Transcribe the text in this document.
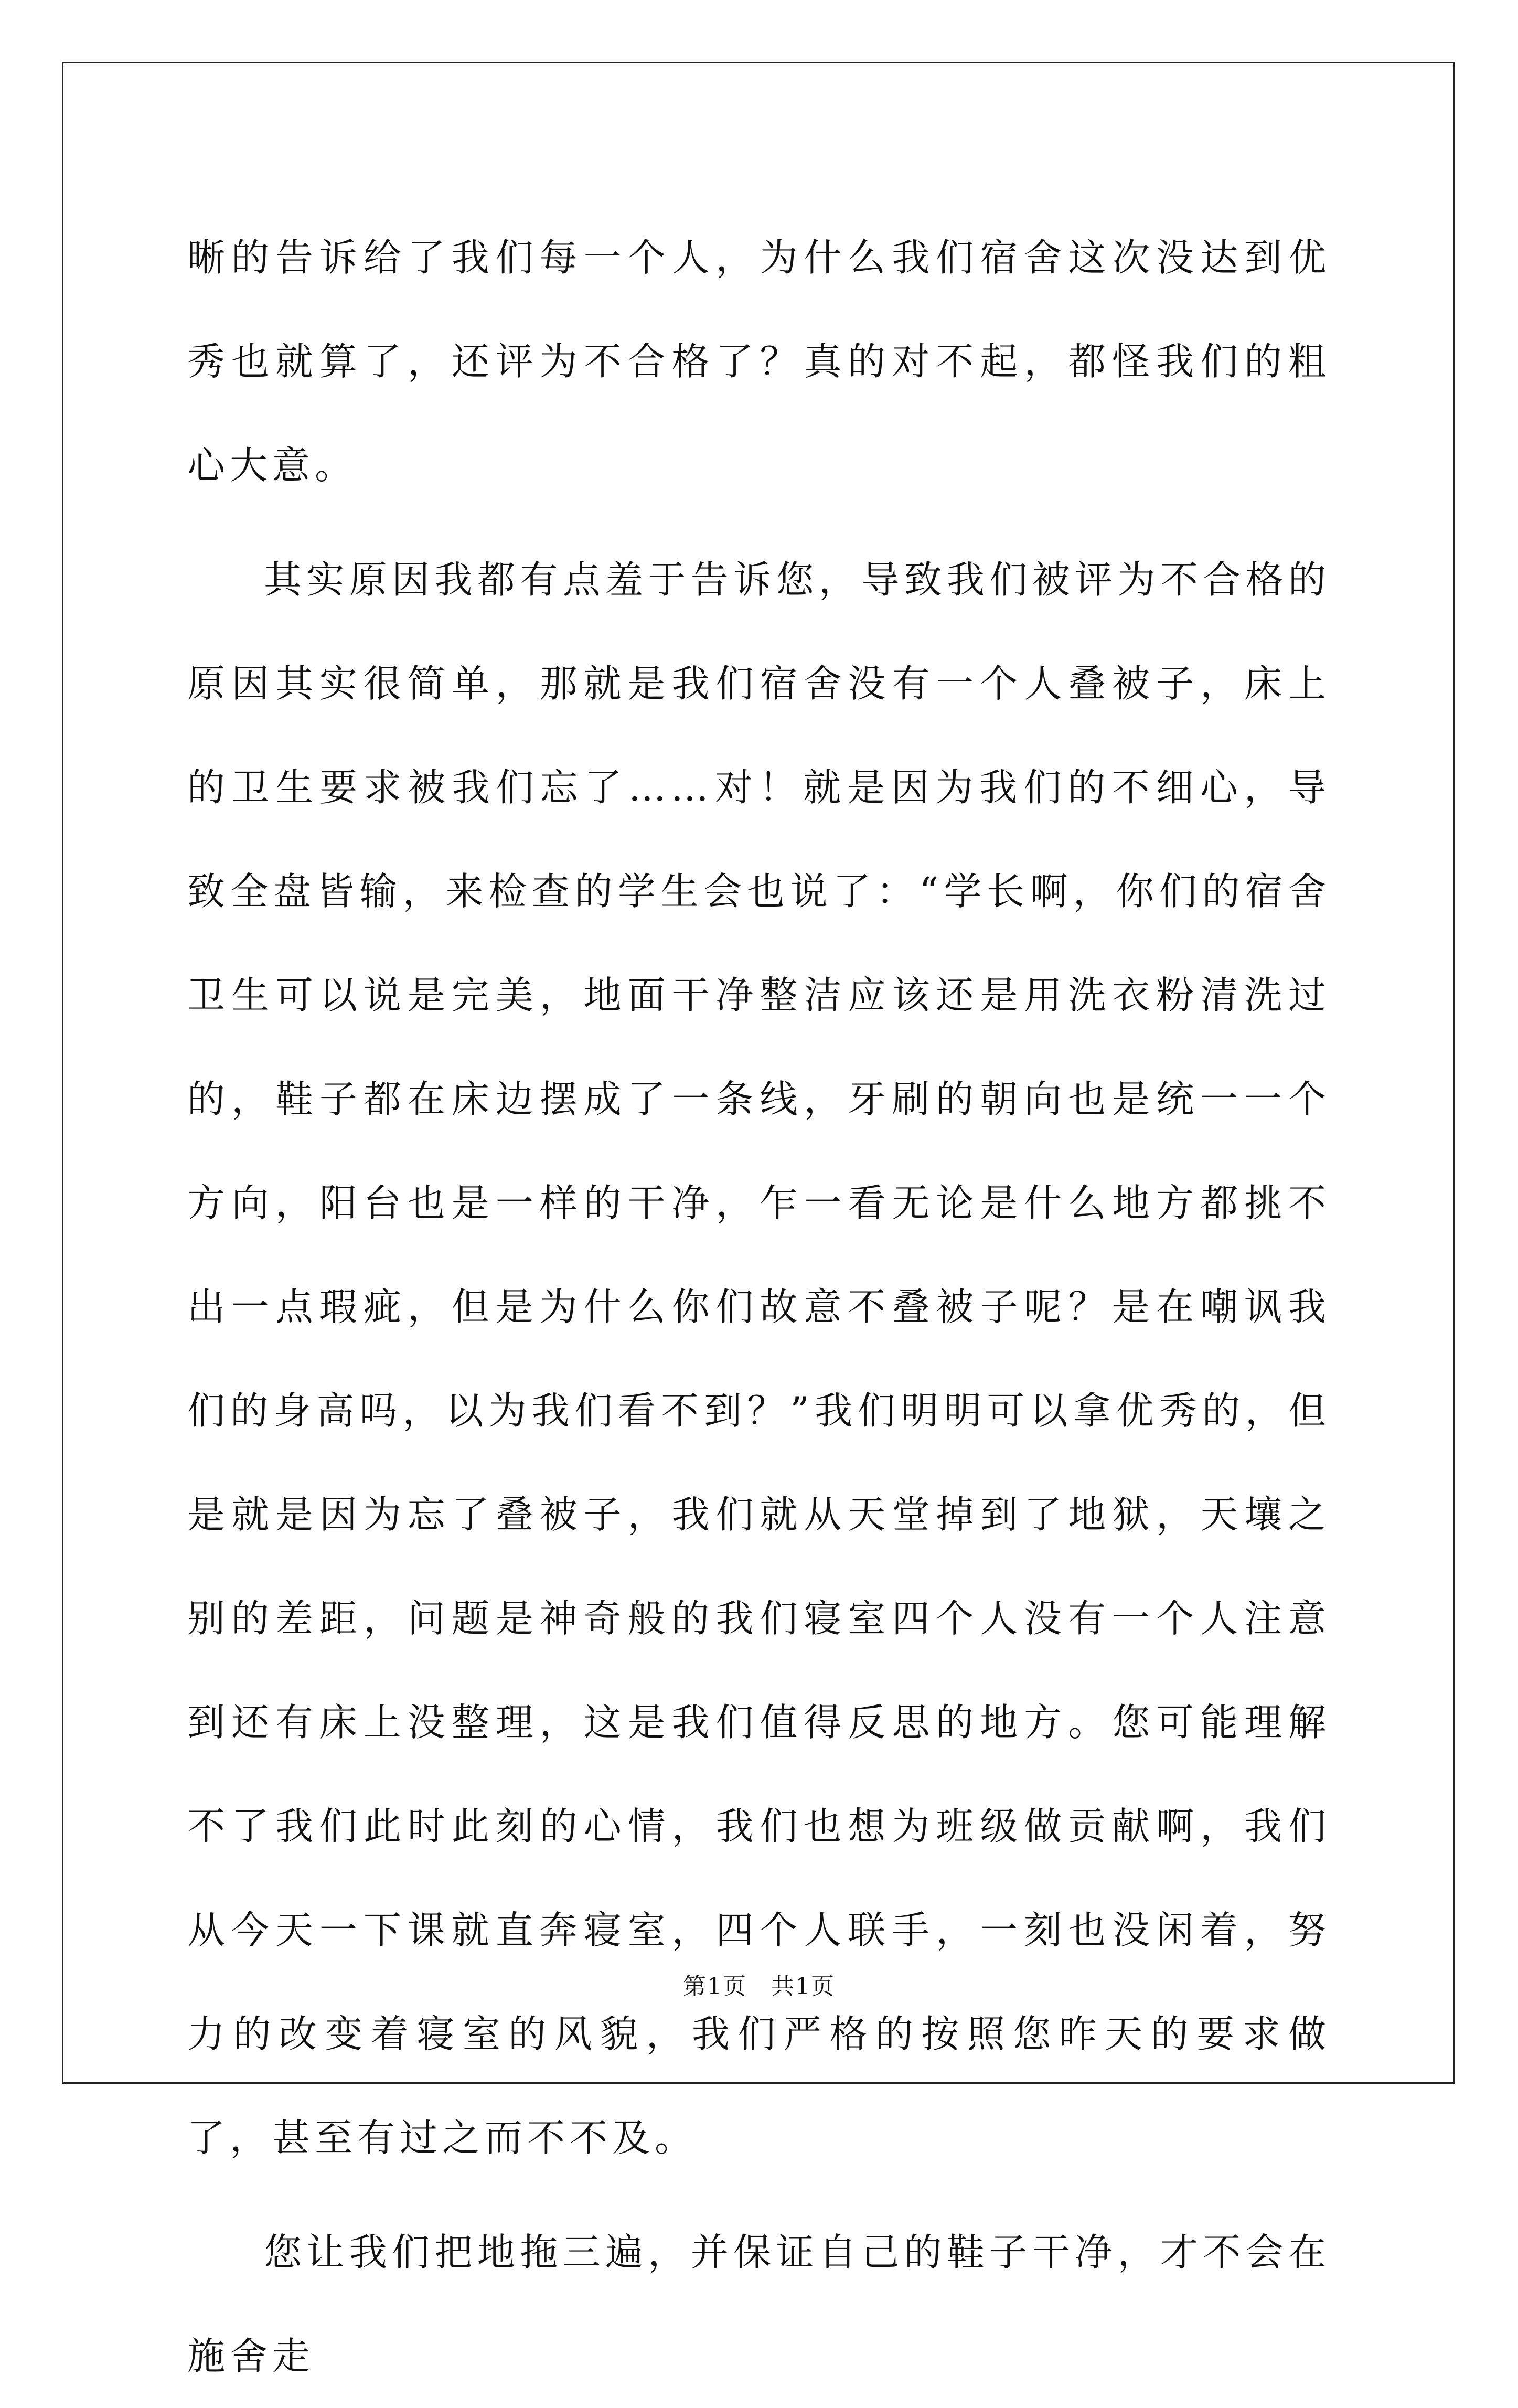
晰的告诉给了我们每一个人，为什么我们宿舍这次没达到优秀也就算了，还评为不合格了？真的对不起，都怪我们的粗心大意。

其实原因我都有点羞于告诉您，导致我们被评为不合格的原因其实很简单，那就是我们宿舍没有一个人叠被子，床上的卫生要求被我们忘了……对！就是因为我们的不细心，导致全盘皆输，来检查的学生会也说了：“学长啊，你们的宿舍卫生可以说是完美，地面干净整洁应该还是用洗衣粉清洗过的，鞋子都在床边摆成了一条线，牙刷的朝向也是统一一个方向，阳台也是一样的干净，乍一看无论是什么地方都挑不出一点瑕疵，但是为什么你们故意不叠被子呢？是在嘲讽我们的身高吗，以为我们看不到？”我们明明可以拿优秀的，但是就是因为忘了叠被子，我们就从天堂掉到了地狱，天壤之别的差距，问题是神奇般的我们寝室四个人没有一个人注意到还有床上没整理，这是我们值得反思的地方。您可能理解不了我们此时此刻的心情，我们也想为班级做贡献啊，我们从今天一下课就直奔寝室，四个人联手，一刻也没闲着，努力的改变着寝室的风貌，我们严格的按照您昨天的要求做了，甚至有过之而不不及。

您让我们把地拖三遍，并保证自己的鞋子干净，才不会在施舍走

第1页　共1页
